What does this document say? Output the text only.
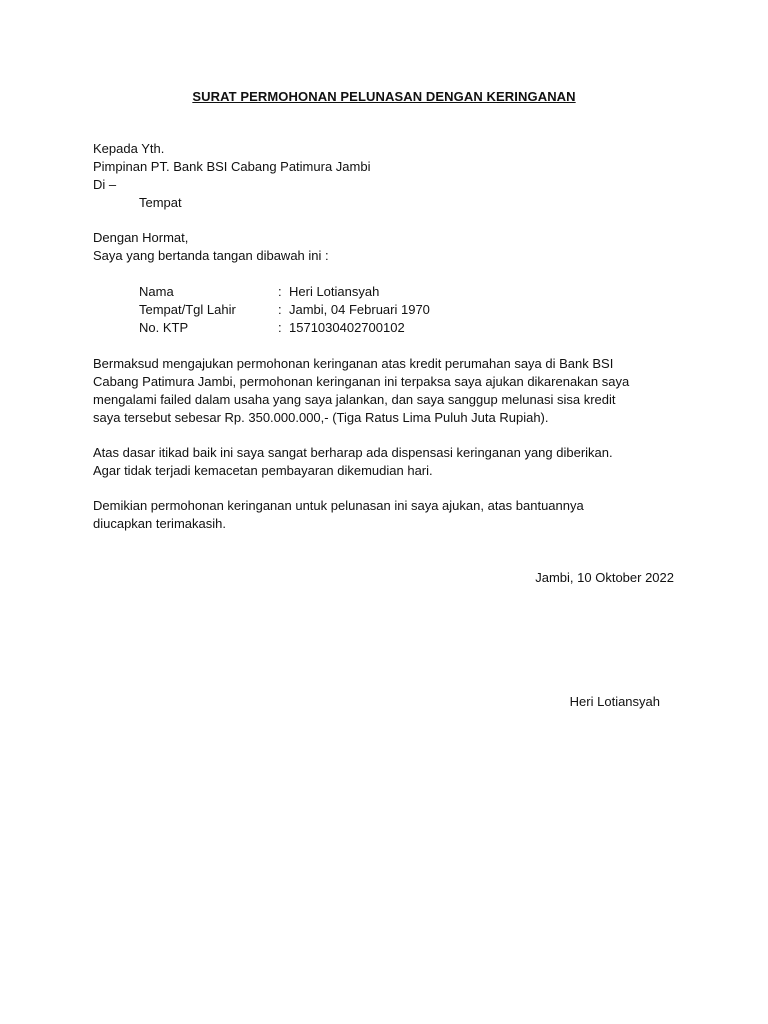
SURAT PERMOHONAN PELUNASAN DENGAN KERINGANAN
Kepada Yth.
Pimpinan PT. Bank BSI Cabang Patimura Jambi
Di –
Tempat
Dengan Hormat,
Saya yang bertanda tangan dibawah ini :
Nama	: Heri Lotiansyah
Tempat/Tgl Lahir	: Jambi, 04 Februari 1970
No. KTP	: 1571030402700102
Bermaksud mengajukan permohonan keringanan atas kredit perumahan saya di Bank BSI
Cabang Patimura Jambi, permohonan keringanan ini terpaksa saya ajukan dikarenakan saya
mengalami failed dalam usaha yang saya jalankan, dan saya sanggup melunasi sisa kredit
saya tersebut sebesar Rp. 350.000.000,- (Tiga Ratus Lima Puluh Juta Rupiah).
Atas dasar itikad baik ini saya sangat berharap ada dispensasi keringanan yang diberikan.
Agar tidak terjadi kemacetan pembayaran dikemudian hari.
Demikian permohonan keringanan untuk pelunasan ini saya ajukan, atas bantuannya
diucapkan terimakasih.
Jambi, 10 Oktober 2022
Heri Lotiansyah
